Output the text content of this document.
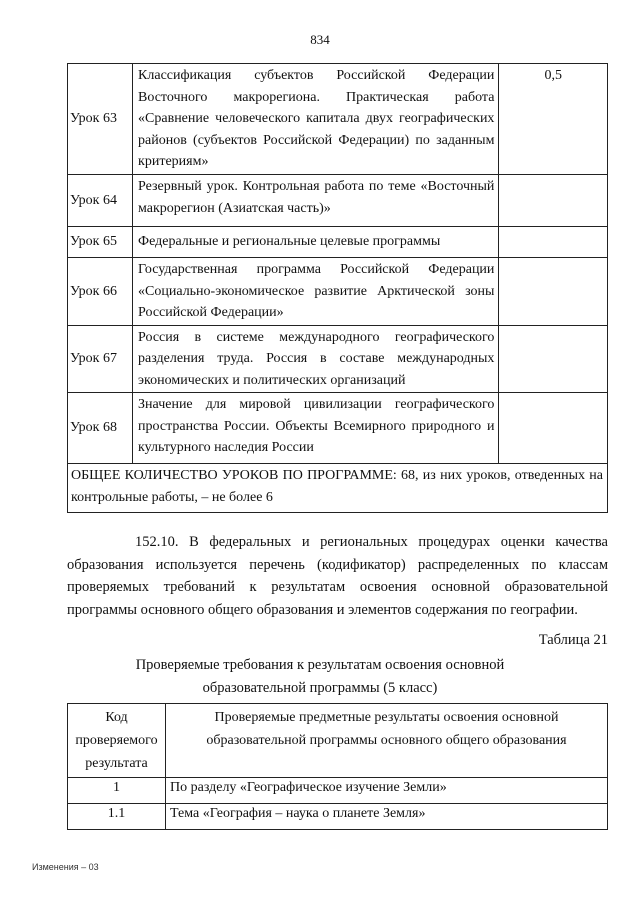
834
Урок 63	Классификация субъектов Российской Федерации Восточного макрорегиона. Практическая работа «Сравнение человеческого капитала двух географических районов (субъектов Российской Федерации) по заданным критериям»	0,5
Урок 64	Резервный урок. Контрольная работа по теме «Восточный макрорегион (Азиатская часть)»	
Урок 65	Федеральные и региональные целевые программы	
Урок 66	Государственная программа Российской Федерации «Социально-экономическое развитие Арктической зоны Российской Федерации»	
Урок 67	Россия в системе международного географического разделения труда. Россия в составе международных экономических и политических организаций	
Урок 68	Значение для мировой цивилизации географического пространства России. Объекты Всемирного природного и культурного наследия России	
ОБЩЕЕ КОЛИЧЕСТВО УРОКОВ ПО ПРОГРАММЕ: 68, из них уроков, отведенных на контрольные работы, – не более 6		

152.10. В федеральных и региональных процедурах оценки качества образования используется перечень (кодификатор) распределенных по классам проверяемых требований к результатам освоения основной образовательной программы основного общего образования и элементов содержания по географии.

Таблица 21
Проверяемые требования к результатам освоения основной
образовательной программы (5 класс)
Код проверяемого результата	Проверяемые предметные результаты освоения основной образовательной программы основного общего образования
1	По разделу «Географическое изучение Земли»
1.1	Тема «География – наука о планете Земля»
Изменения – 03
